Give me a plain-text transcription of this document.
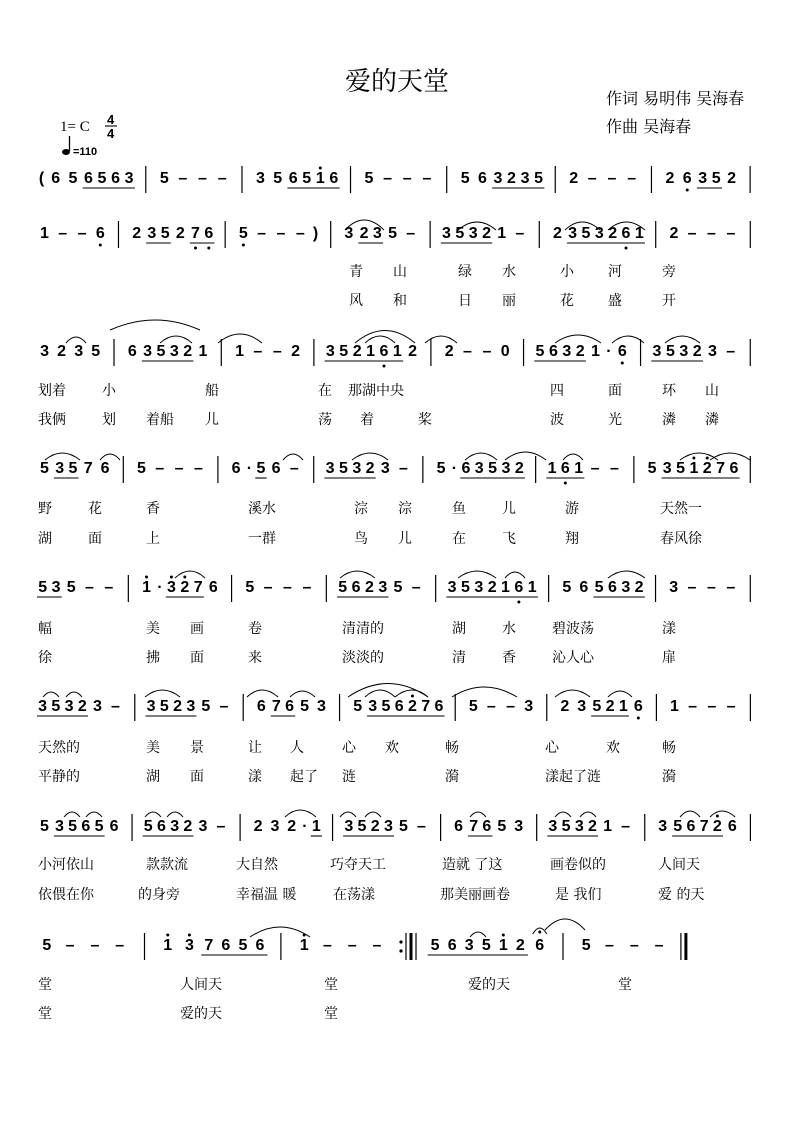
爱的天堂
作词 易明伟 吴海春
作曲 吴海春
1= C 4
4
=110
( 6 5 6 5 6 3 5 – – – 3 5 6 5 1 6 5 – – – 5 6 3 2 3 5 2 – – – 2 6 3 5 2
1 – – 6 2 3 5 2 7 6 5 – – – ) 3 2 3 5 – 3 5 3 2 1 – 2 3 5 3 2 6 1 2 – – –
青 山	绿 水	小 河	旁
风 和	日 丽	花 盛	开
3 2 3 5 6 3 5 3 2 1 1 – – 2 3 5 2 1 6 1 2 2 – – 0 5 6 3 2 1 · 6 3 5 3 2 3 –
划着	小	船	在 那湖中央	四	面	环 山
我俩	划 着船 儿	荡 着	桨	波	光	潾 潾
5 3 5 7 6 5 – – – 6 · 5 6 – 3 5 3 2 3 – 5 · 6 3 5 3 2 1 6 1 – – 5 3 5 1 2 7 6
野	花	香	溪水	淙 淙	鱼	儿	游	天然一
湖	面	上	一群	鸟 儿	在	飞	翔	春风徐
5 3 5 – – 1 · 3 2 7 6 5 – – – 5 6 2 3 5 – 3 5 3 2 1 6 1 5 6 5 6 3 2 3 – – –
幅	美 画	卷	清清的	湖	水	碧波荡	漾
徐	拂 面	来	淡淡的	清	香	沁人心	扉
3 5 3 2 3 – 3 5 2 3 5 – 6 7 6 5 3 5 3 5 6 2 7 6 5 – – 3 2 3 5 2 1 6 1 – – –
天然的	美 景	让 人	心 欢	畅	心	欢	畅
平静的	湖 面	漾 起了 涟	漪	漾起了涟	漪
5 3 5 6 5 6 5 6 3 2 3 – 2 3 2 · 1 3 5 2 3 5 – 6 7 6 5 3 3 5 3 2 1 – 3 5 6 7 2 6
小河依山	款款流	大自然	巧夺天工	造就 了这	画卷似的	人间天
依偎在你	的身旁	幸福温 暖	在荡漾	那美丽画卷	是 我们	爱 的天
5 – – – 1 3 7 6 5 6 1 – – –	5 6 3 5 1 2 6 5 – – –
堂	人间天	堂	爱的天	堂
堂	爱的天	堂
